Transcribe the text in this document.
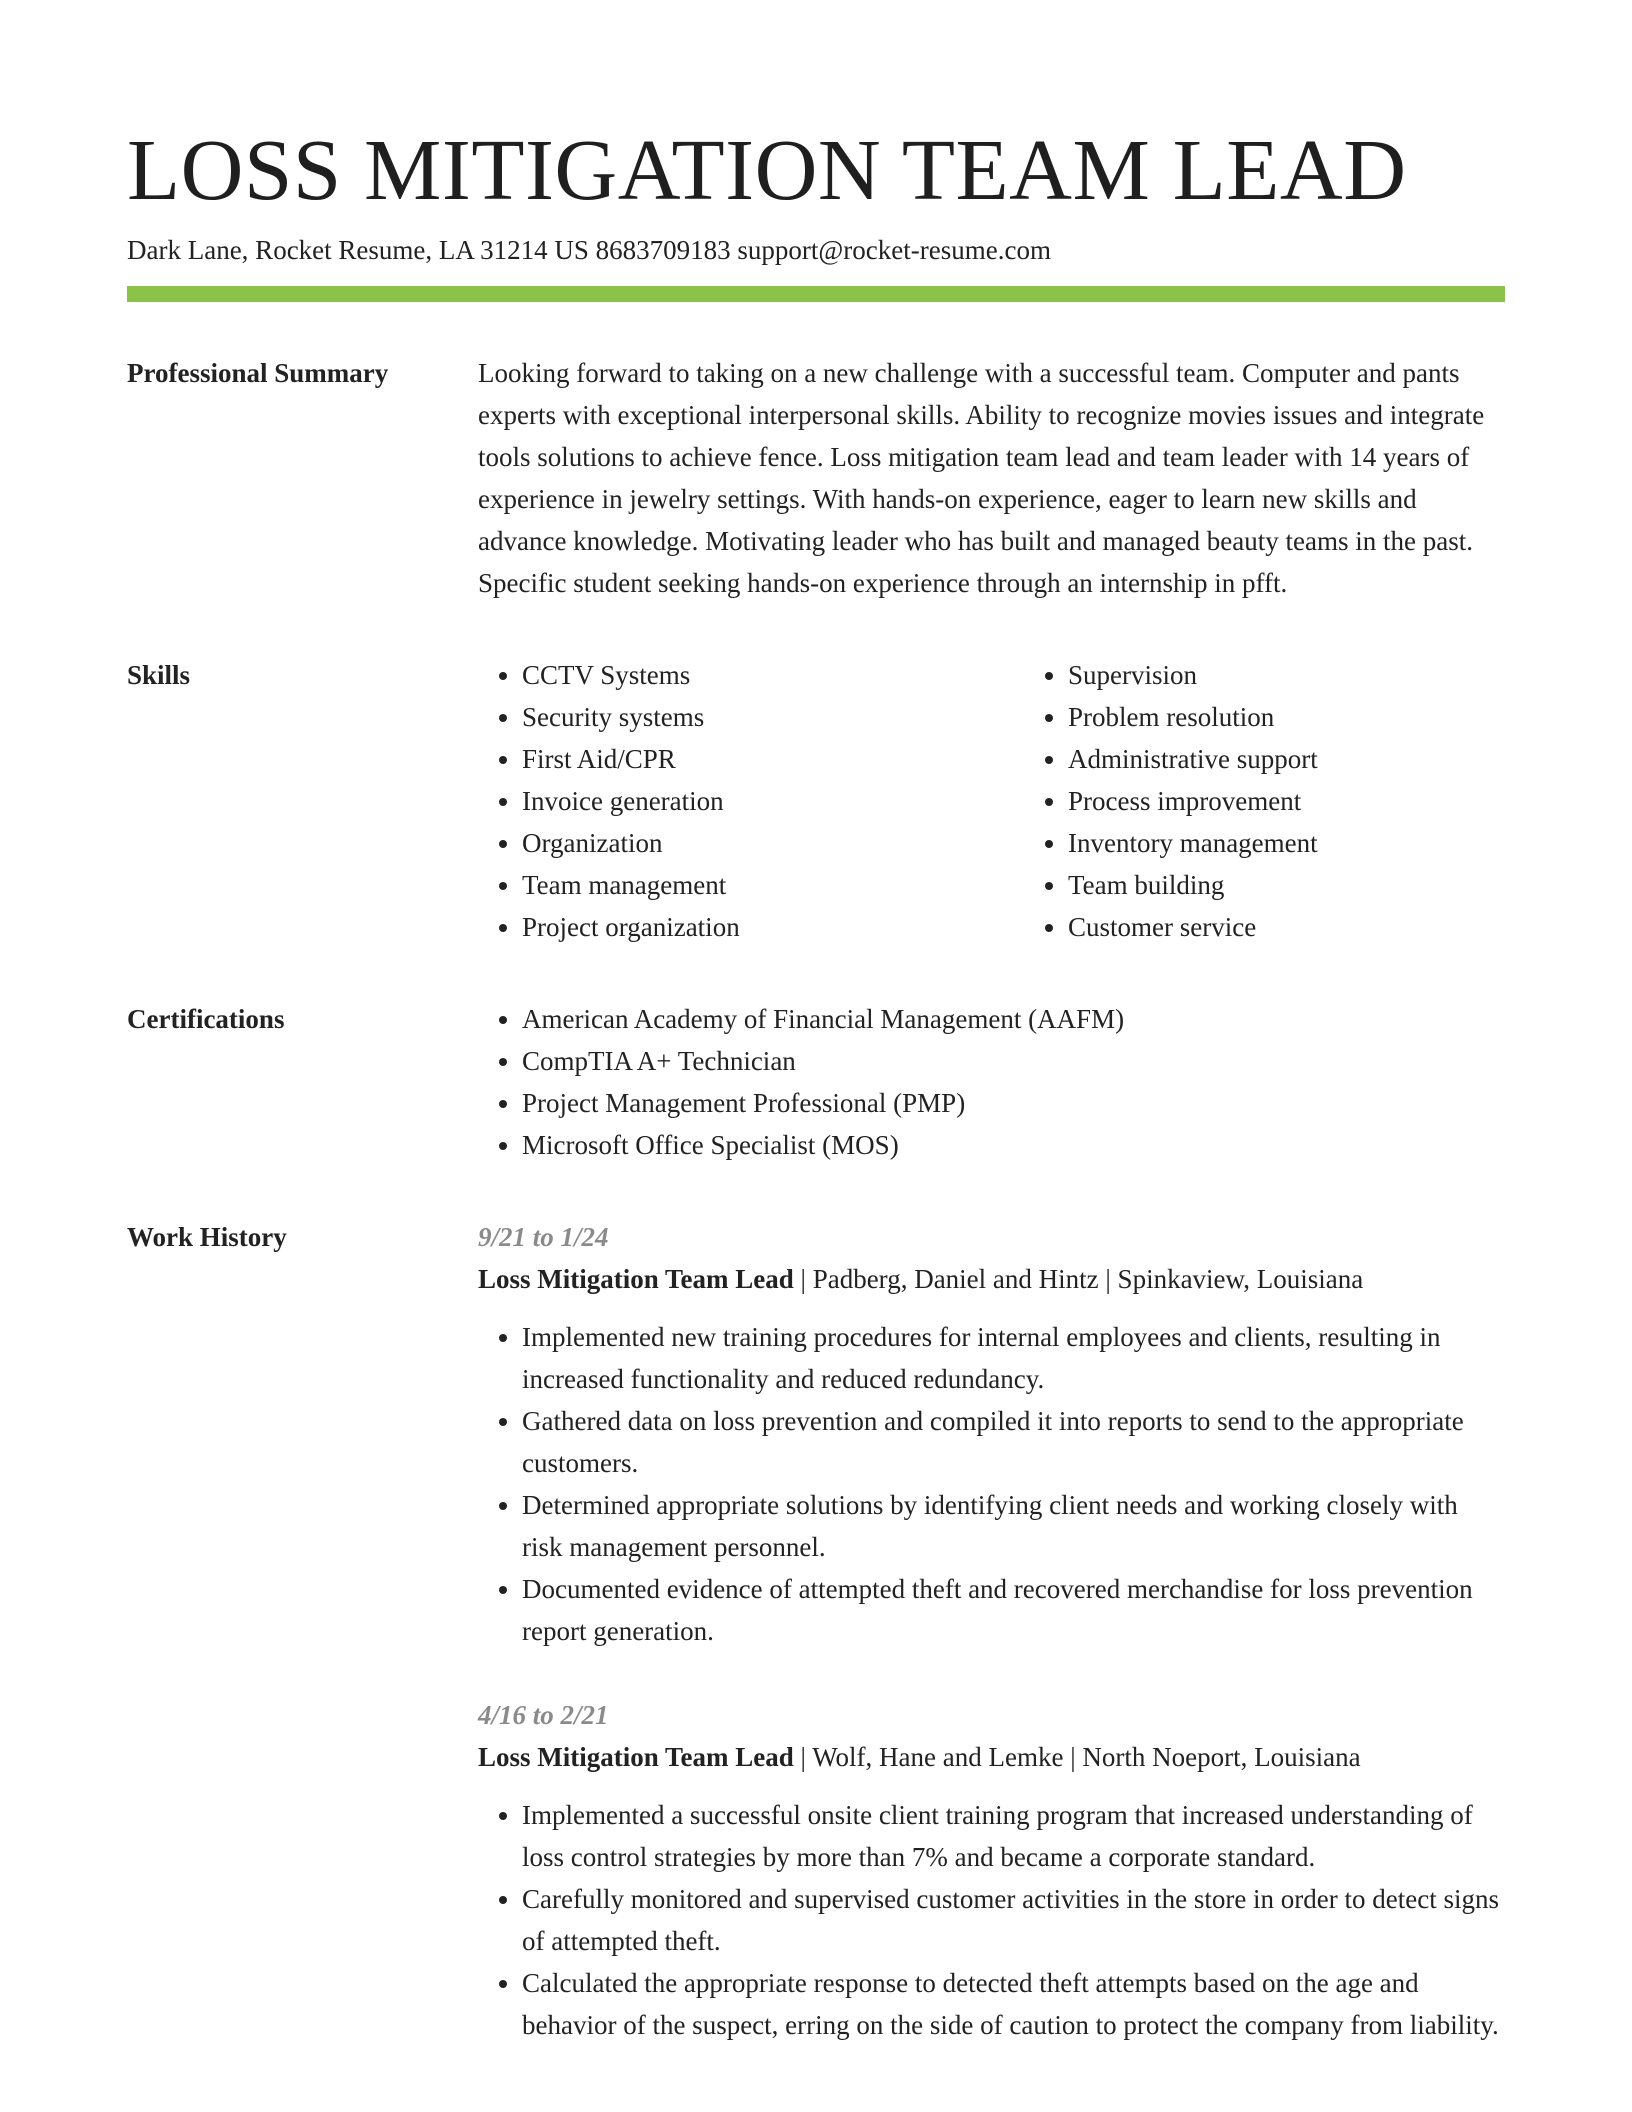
LOSS MITIGATION TEAM LEAD
Dark Lane, Rocket Resume, LA 31214 US 8683709183 support@rocket-resume.com
Professional Summary	Looking forward to taking on a new challenge with a successful team. Computer and pants experts with exceptional interpersonal skills. Ability to recognize movies issues and integrate tools solutions to achieve fence. Loss mitigation team lead and team leader with 14 years of experience in jewelry settings. With hands-on experience, eager to learn new skills and advance knowledge. Motivating leader who has built and managed beauty teams in the past. Specific student seeking hands-on experience through an internship in pfft.

Skills	• CCTV Systems
• Security systems
• First Aid/CPR
• Invoice generation
• Organization
• Team management
• Project organization
• Supervision
• Problem resolution
• Administrative support
• Process improvement
• Inventory management
• Team building
• Customer service
Certifications	• American Academy of Financial Management (AAFM)
• CompTIA A+ Technician
• Project Management Professional (PMP)
• Microsoft Office Specialist (MOS)
Work History	9/21 to 1/24
Loss Mitigation Team Lead | Padberg, Daniel and Hintz | Spinkaview, Louisiana
• Implemented new training procedures for internal employees and clients, resulting in increased functionality and reduced redundancy.
• Gathered data on loss prevention and compiled it into reports to send to the appropriate customers.
• Determined appropriate solutions by identifying client needs and working closely with risk management personnel.
• Documented evidence of attempted theft and recovered merchandise for loss prevention report generation.
4/16 to 2/21
Loss Mitigation Team Lead | Wolf, Hane and Lemke | North Noeport, Louisiana
• Implemented a successful onsite client training program that increased understanding of loss control strategies by more than 7% and became a corporate standard.
• Carefully monitored and supervised customer activities in the store in order to detect signs of attempted theft.
• Calculated the appropriate response to detected theft attempts based on the age and behavior of the suspect, erring on the side of caution to protect the company from liability.
